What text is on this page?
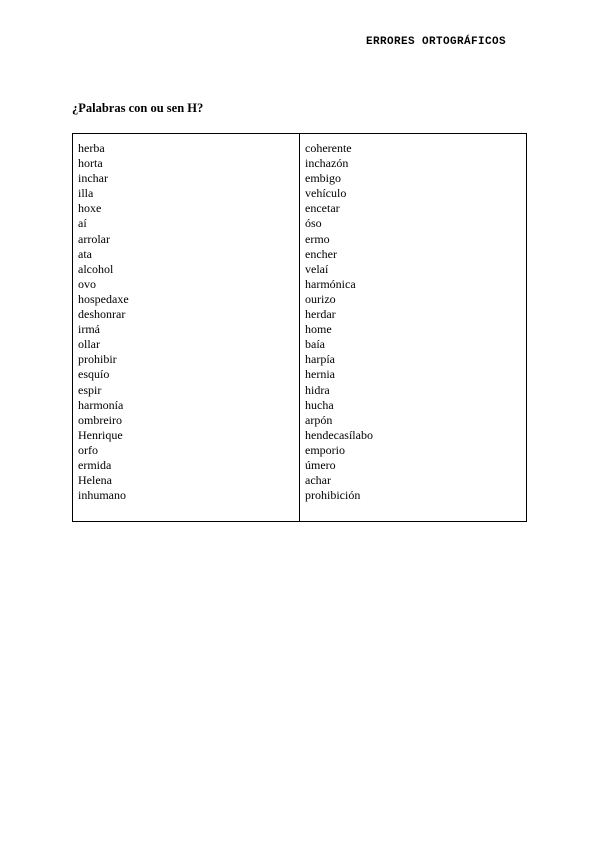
ERRORES ORTOGRÁFICOS
¿Palabras con ou sen H?
herba
horta
inchar
illa
hoxe
aí
arrolar
ata
alcohol
ovo
hospedaxe
deshonrar
irmá
ollar
prohibir
esquío
espir
harmonía
ombreiro
Henrique
orfo
ermida
Helena
inhumano
coherente
inchazón
embigo
vehículo
encetar
óso
ermo
encher
velaí
harmónica
ourizo
herdar
home
baía
harpía
hernia
hidra
hucha
arpón
hendecasílabo
emporio
úmero
achar
prohibición
